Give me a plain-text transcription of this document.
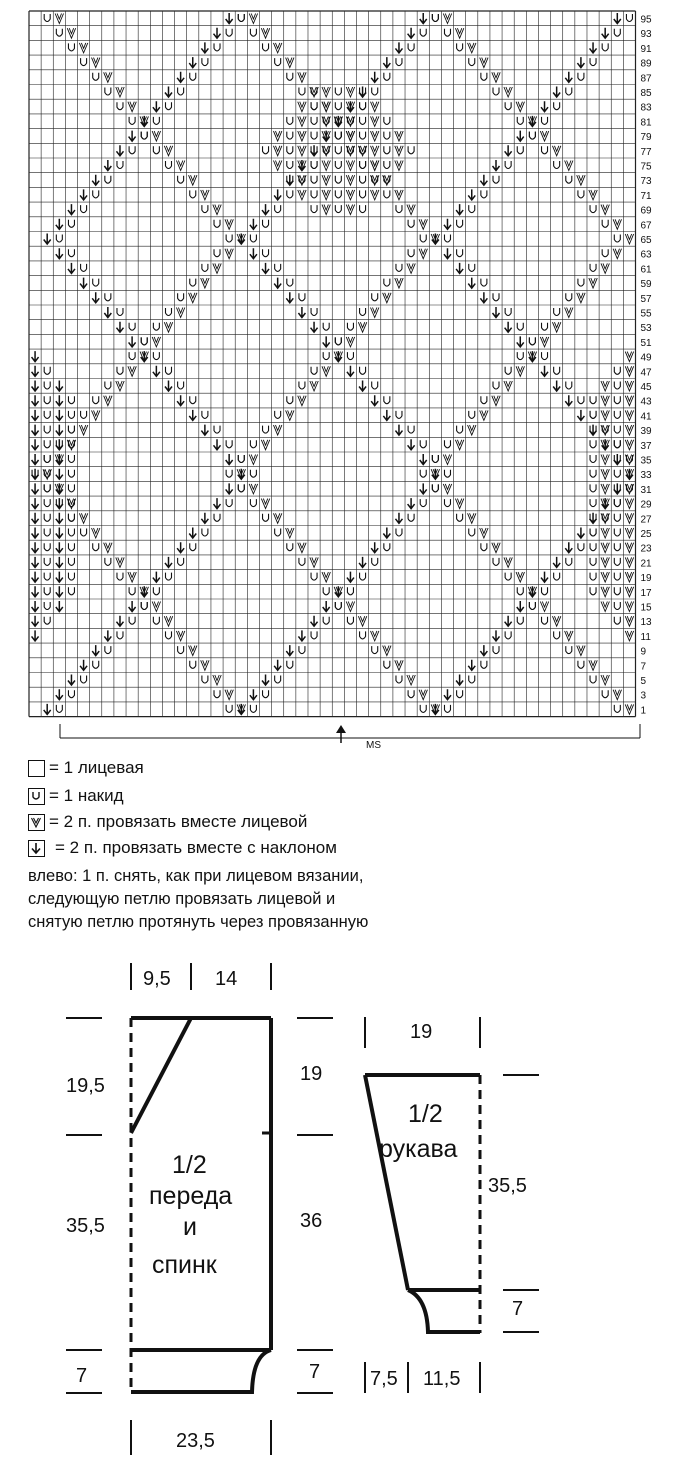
95
93
91
89
87
85
83
81
79
77
75
73
71
69
67
65
63
61
59
57
55
53
51
49
47
45
43
41
39
37
35
33
31
29
27
25
23
21
19
17
15
13
11
9
7
5
3
1
MS
= 1 лицевая
= 1 накид
= 2 п. провязать вместе лицевой
= 2 п. провязать вместе с наклоном
влево: 1 п. снять, как при лицевом вязании,
следующую петлю провязать лицевой и
снятую петлю протянуть через провязанную
9,5 14
19,5
35,5
7
19
36
7
23,5
1/2
переда
и
спинк
19
35,5
7
7,5 11,5
1/2
рукава
